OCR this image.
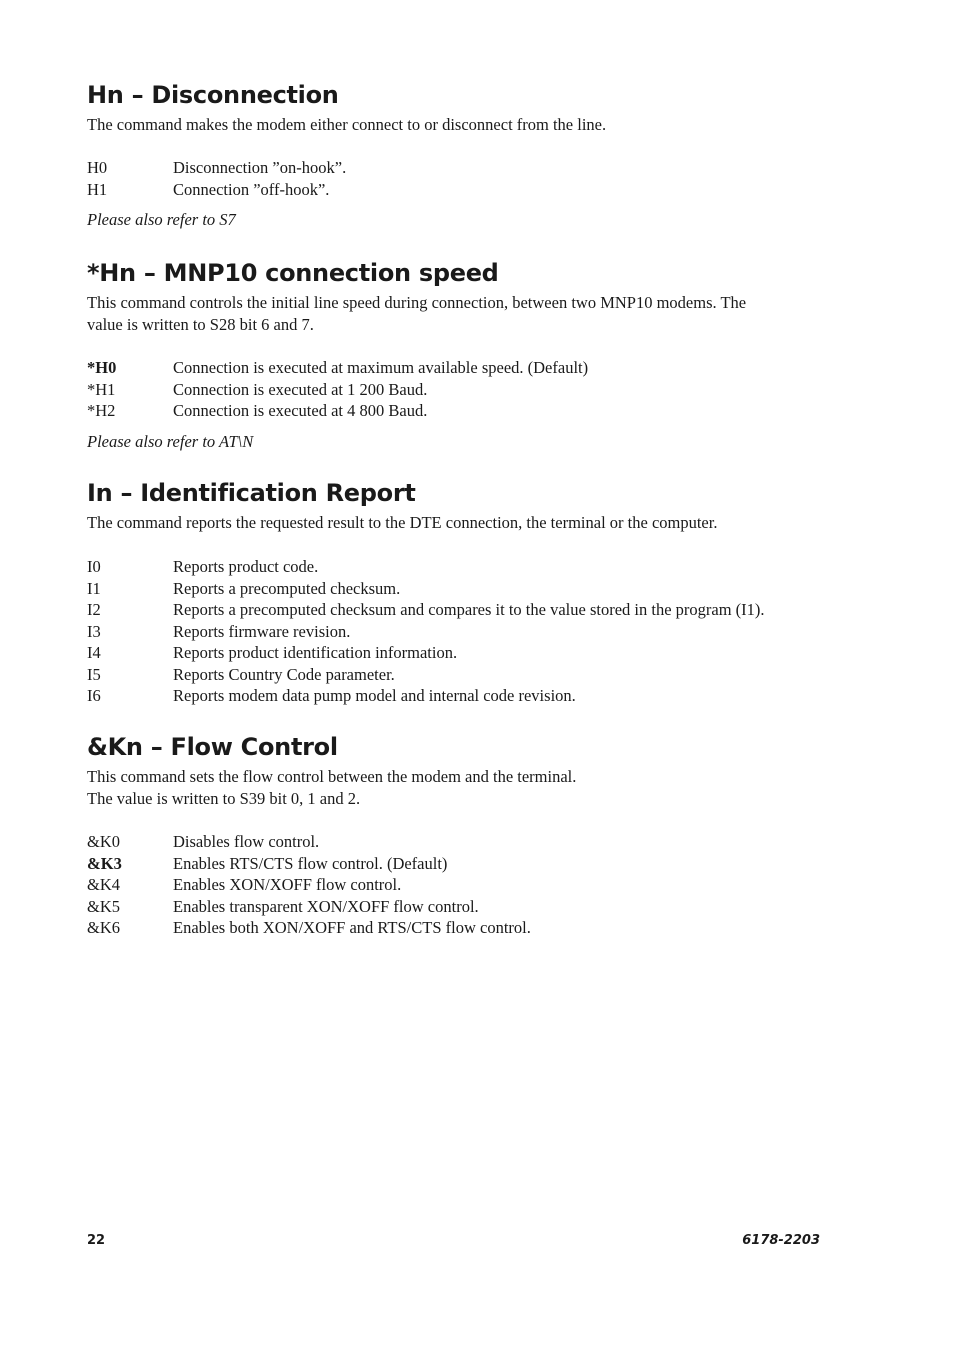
Hn – Disconnection

The command makes the modem either connect to or disconnect from the line.

H0	Disconnection ”on-hook”.
H1	Connection ”off-hook”.

Please also refer to S7

*Hn – MNP10 connection speed

This command controls the initial line speed during connection, between two MNP10 modems. The
value is written to S28 bit 6 and 7.

*H0	Connection is executed at maximum available speed. (Default)
*H1	Connection is executed at 1 200 Baud.
*H2	Connection is executed at 4 800 Baud.

Please also refer to AT\N

In – Identification Report

The command reports the requested result to the DTE connection, the terminal or the computer.

I0	Reports product code.
I1	Reports a precomputed checksum.
I2	Reports a precomputed checksum and compares it to the value stored in the program (I1).
I3	Reports firmware revision.
I4	Reports product identification information.
I5	Reports Country Code parameter.
I6	Reports modem data pump model and internal code revision.
&Kn – Flow Control

This command sets the flow control between the modem and the terminal.
The value is written to S39 bit 0, 1 and 2.

&K0	Disables flow control.
&K3	Enables RTS/CTS flow control. (Default)
&K4	Enables XON/XOFF flow control.
&K5	Enables transparent XON/XOFF flow control.
&K6	Enables both XON/XOFF and RTS/CTS flow control.
22	6178-2203
